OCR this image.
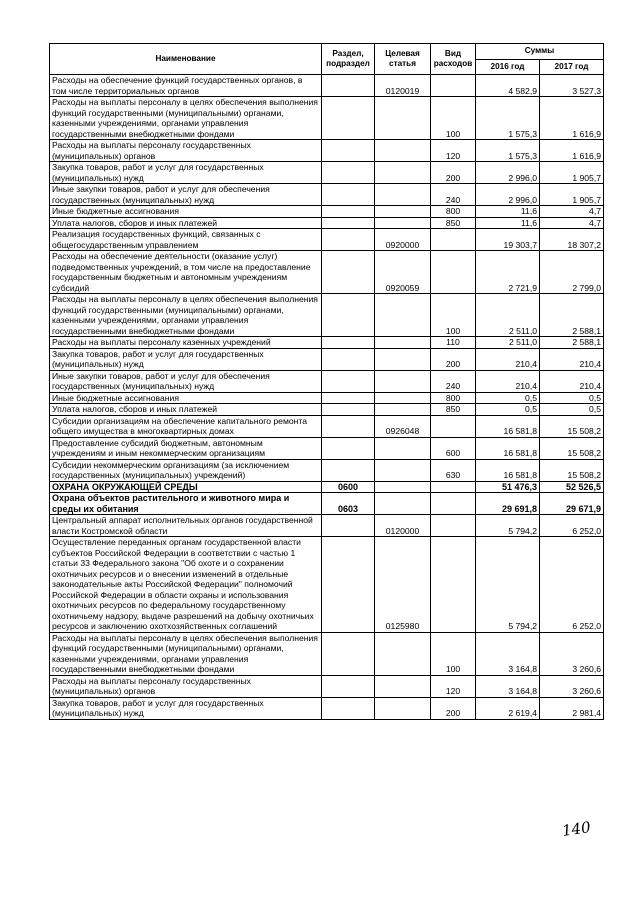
Наименование	Раздел, подраздел	Целевая статья	Вид расходов	Суммы	
				2016 год	2017 год
Расходы на обеспечение функций государственных органов, в том числе территориальных органов		0120019		4 582,9	3 527,3
Расходы на выплаты персоналу в целях обеспечения выполнения функций государственными (муниципальными) органами, казенными учреждениями, органами управления государственными внебюджетными фондами			100	1 575,3	1 616,9
Расходы на выплаты персоналу государственных (муниципальных) органов			120	1 575,3	1 616,9
Закупка товаров, работ и услуг для государственных (муниципальных) нужд			200	2 996,0	1 905,7
Иные закупки товаров, работ и услуг для обеспечения государственных (муниципальных) нужд			240	2 996,0	1 905,7
Иные бюджетные ассигнования			800	11,6	4,7
Уплата налогов, сборов и иных платежей			850	11,6	4,7
Реализация государственных функций, связанных с общегосударственным управлением		0920000		19 303,7	18 307,2
Расходы на обеспечение деятельности (оказание услуг) подведомственных учреждений, в том числе на предоставление государственным бюджетным и автономным учреждениям субсидий		0920059		2 721,9	2 799,0
Расходы на выплаты персоналу в целях обеспечения выполнения функций государственными (муниципальными) органами, казенными учреждениями, органами управления государственными внебюджетными фондами			100	2 511,0	2 588,1
Расходы на выплаты персоналу казенных учреждений			110	2 511,0	2 588,1
Закупка товаров, работ и услуг для государственных (муниципальных) нужд			200	210,4	210,4
Иные закупки товаров, работ и услуг для обеспечения государственных (муниципальных) нужд			240	210,4	210,4
Иные бюджетные ассигнования			800	0,5	0,5
Уплата налогов, сборов и иных платежей			850	0,5	0,5
Субсидии организациям на обеспечение капитального ремонта общего имущества в многоквартирных домах		0926048		16 581,8	15 508,2
Предоставление субсидий бюджетным, автономным учреждениям и иным некоммерческим организациям			600	16 581,8	15 508,2
Субсидии некоммерческим организациям (за исключением государственных (муниципальных) учреждений)			630	16 581,8	15 508,2
ОХРАНА ОКРУЖАЮЩЕЙ СРЕДЫ	0600			51 476,3	52 526,5
Охрана объектов растительного и животного мира и среды их обитания	0603			29 691,8	29 671,9
Центральный аппарат исполнительных органов государственной власти Костромской области		0120000		5 794,2	6 252,0
Осуществление переданных органам государственной власти субъектов Российской Федерации в соответствии с частью 1 статьи 33 Федерального закона "Об охоте и о сохранении охотничьих ресурсов и о внесении изменений в отдельные законодательные акты Российской Федерации" полномочий Российской Федерации в области охраны и использования охотничьих ресурсов по федеральному государственному охотничьему надзору, выдаче разрешений на добычу охотничьих ресурсов и заключению охотхозяйственных соглашений		0125980		5 794,2	6 252,0
Расходы на выплаты персоналу в целях обеспечения выполнения функций государственными (муниципальными) органами, казенными учреждениями, органами управления государственными внебюджетными фондами			100	3 164,8	3 260,6
Расходы на выплаты персоналу государственных (муниципальных) органов			120	3 164,8	3 260,6
Закупка товаров, работ и услуг для государственных (муниципальных) нужд			200	2 619,4	2 981,4
140
